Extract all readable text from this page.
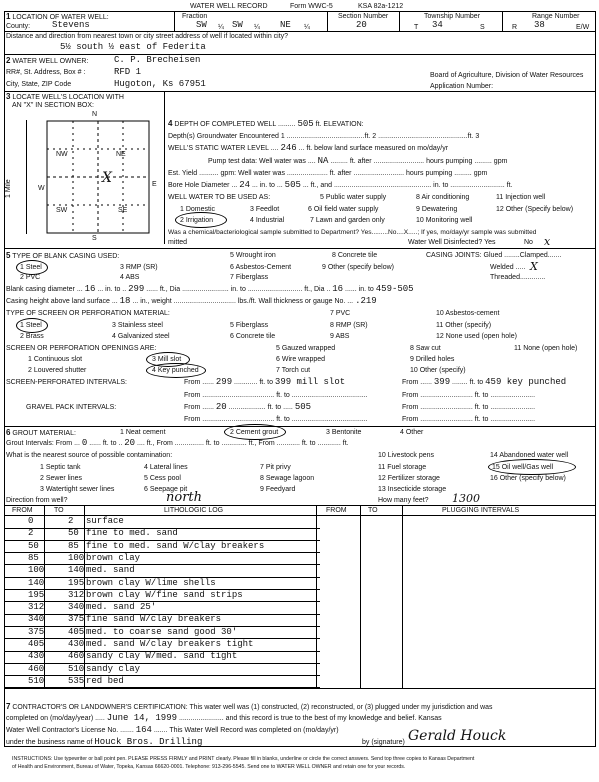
WATER WELL RECORD	Form WWC-5	KSA 82a-1212
1 LOCATION OF WATER WELL:
County: Stevens
Fraction
SW ¼ SW ¼ NE ¼
Section Number
20
Township Number
T 34	S
Range Number
R 38	E/W
Distance and direction from nearest town or city street address of well if located within city?
5½ south ½ east of Federita
2 WATER WELL OWNER:	C. P. Brecheisen
RR#, St. Address, Box # :	RFD 1
City, State, ZIP Code	Hugoton, Ks 67951
Board of Agriculture, Division of Water Resources
Application Number:
3 LOCATE WELL'S LOCATION WITH
AN "X" IN SECTION BOX:
N
S
E
W
1 Mile
NW	NE
SW	SE
X
4 DEPTH OF COMPLETED WELL ......... 505 ft. ELEVATION:
Depth(s) Groundwater Encountered 1 ........................................ft. 2 ..............................................ft. 3
WELL'S STATIC WATER LEVEL .... 246 ... ft. below land surface measured on mo/day/yr
Pump test data: Well water was .... NA ......... ft. after .......................... hours pumping ......... gpm
Est. Yield .......... gpm: Well water was ..................... ft. after .......................... hours pumping ......... gpm
Bore Hole Diameter ... 24 ... in. to ... 505 ... ft., and .................................................. in. to ............................ ft.
WELL WATER TO BE USED AS:	5 Public water supply	8 Air conditioning	11 Injection well
1 Domestic	3 Feedlot	6 Oil field water supply	9 Dewatering	12 Other (Specify below)
2 Irrigation	4 Industrial	7 Lawn and garden only	10 Monitoring well
Was a chemical/bacteriological sample submitted to Department? Yes.........No....X.....; If yes, mo/day/yr sample was submitted
mitted	Water Well Disinfected? Yes	No x
5 TYPE OF BLANK CASING USED:
1 Steel	3 RMP (SR)
5 Wrought iron	8 Concrete tile
2 PVC	4 ABS
6 Asbestos-Cement	9 Other (specify below)
7 Fiberglass
CASING JOINTS: Glued ........Clamped.......
Welded ..... X
Threaded.............
Blank casing diameter ... 16 ... in. to .. 299 ...... ft., Dia ........................ in. to ............................ ft., Dia .. 16 ...... in. to 459-505
Casing height above land surface ... 18 ... in., weight ................................ lbs./ft. Wall thickness or gauge No. ... .219
TYPE OF SCREEN OR PERFORATION MATERIAL:
1 Steel	3 Stainless steel	5 Fiberglass
7 PVC	10 Asbestos-cement
2 Brass	4 Galvanized steel	6 Concrete tile
8 RMP (SR)	11 Other (specify)
9 ABS	12 None used (open hole)
SCREEN OR PERFORATION OPENINGS ARE:	5 Gauzed wrapped	8 Saw cut	11 None (open hole)
1 Continuous slot	3 Mill slot	6 Wire wrapped	9 Drilled holes
2 Louvered shutter	4 Key punched	7 Torch cut	10 Other (specify)
SCREEN-PERFORATED INTERVALS:	From ...... 299 ............ ft. to 399 mill slot	From ...... 399 ........ ft. to 459 key punched
From ..................................... ft. to .......................................	From ........................... ft. to .......................
GRAVEL PACK INTERVALS:	From ...... 20 ................... ft. to ..... 505	From ........................... ft. to .......................
From ..................................... ft. to .......................................	From ........................... ft. to .......................
6 GROUT MATERIAL:	1 Neat cement	2 Cement grout	3 Bentonite	4 Other
Grout Intervals: From ... 0 ...... ft. to .. 20 .... ft., From ............... ft. to ............. ft., From ............ ft. to ............ ft.
What is the nearest source of possible contamination:	10 Livestock pens	14 Abandoned water well
1 Septic tank	4 Lateral lines	7 Pit privy	11 Fuel storage	15 Oil well/Gas well
2 Sewer lines	5 Cess pool	8 Sewage lagoon	12 Fertilizer storage	16 Other (specify below)
3 Watertight sewer lines	6 Seepage pit	9 Feedyard	13 Insecticide storage
Direction from well?	north	How many feet? 1300
FROM	TO	LITHOLOGIC LOG	FROM	TO	PLUGGING INTERVALS
0	2 surface
2	50 fine to med. sand
50	85 fine to med. sand W/clay breakers
85	100 brown clay
100	140 med. sand
140	195 brown clay W/lime shells
195	312 brown clay W/fine sand strips
312	340 med. sand 25'
340	375 fine sand W/clay breakers
375	405 med. to coarse sand good 30'
405	430 med. sand W/clay breakers tight
430	460 sandy clay W/med. sand tight
460	510 sandy clay
510	535 red bed
7 CONTRACTOR'S OR LANDOWNER'S CERTIFICATION: This water well was (1) constructed, (2) reconstructed, or (3) plugged under my jurisdiction and was
completed on (mo/day/year) ..... June 14, 1999 ....................... and this record is true to the best of my knowledge and belief. Kansas
Water Well Contractor's License No. ....... 164 ....... This Water Well Record was completed on (mo/day/yr)
under the business name of Houck Bros. Drilling	by (signature) Gerald Houck
INSTRUCTIONS: Use typewriter or ball point pen. PLEASE PRESS FIRMLY and PRINT clearly. Please fill in blanks, underline or circle the correct answers. Send top three copies to Kansas Department
of Health and Environment, Bureau of Water, Topeka, Kansas 66620-0001. Telephone: 913-296-5545. Send one to WATER WELL OWNER and retain one for your records.
